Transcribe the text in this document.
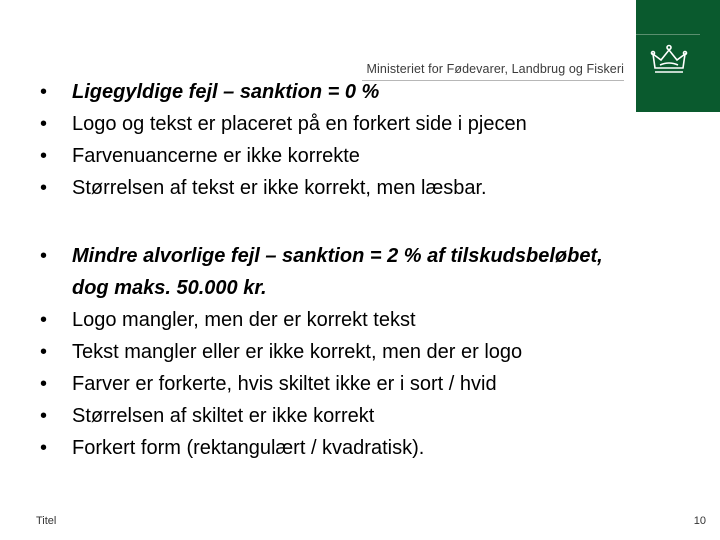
Ministeriet for Fødevarer, Landbrug og Fiskeri
• Ligegyldige fejl – sanktion = 0 %
• Logo og tekst er placeret på en forkert side i pjecen
• Farvenuancerne er ikke korrekte
• Størrelsen af tekst er ikke korrekt, men læsbar.
• Mindre alvorlige fejl – sanktion = 2 % af tilskudsbeløbet, dog maks. 50.000 kr.
• Logo mangler, men der er korrekt tekst
• Tekst mangler eller er ikke korrekt, men der er logo
• Farver er forkerte, hvis skiltet ikke er i sort / hvid
• Størrelsen af skiltet er ikke korrekt
• Forkert form (rektangulært / kvadratisk).
Titel	10
